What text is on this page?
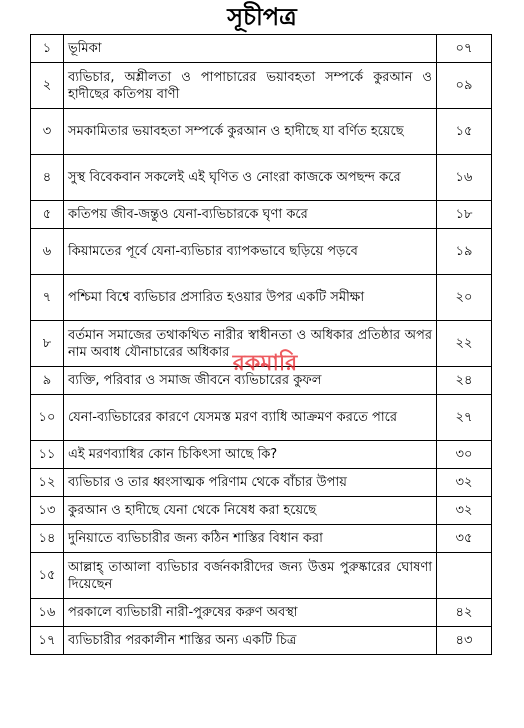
সূচীপত্র
১	ভূমিকা	০৭
২	ব্যভিচার, অশ্লীলতা ও পাপাচারের ভয়াবহতা সম্পর্কে কুরআন ও হাদীছের কতিপয় বাণী	০৯
৩	সমকামিতার ভয়াবহতা সম্পর্কে কুরআন ও হাদীছে যা বর্ণিত হয়েছে	১৫
৪	সুস্থ বিবেকবান সকলেই এই ঘৃণিত ও নোংরা কাজকে অপছন্দ করে	১৬
৫	কতিপয় জীব-জন্তুও যেনা-ব্যভিচারকে ঘৃণা করে	১৮
৬	কিয়ামতের পূর্বে যেনা-ব্যভিচার ব্যাপকভাবে ছড়িয়ে পড়বে	১৯
৭	পশ্চিমা বিশ্বে ব্যভিচার প্রসারিত হওয়ার উপর একটি সমীক্ষা	২০
৮	বর্তমান সমাজের তথাকথিত নারীর স্বাধীনতা ও অধিকার প্রতিষ্ঠার অপর নাম অবাধ যৌনাচারের অধিকার	২২
৯	ব্যক্তি, পরিবার ও সমাজ জীবনে ব্যভিচারের কুফল	২৪
১০	যেনা-ব্যভিচারের কারণে যেসমস্ত মরণ ব্যাধি আক্রমণ করতে পারে	২৭
১১	এই মরণব্যাধির কোন চিকিৎসা আছে কি?	৩০
১২	ব্যভিচার ও তার ধ্বংসাত্মক পরিণাম থেকে বাঁচার উপায়	৩২
১৩	কুরআন ও হাদীছে যেনা থেকে নিষেধ করা হয়েছে	৩২
১৪	দুনিয়াতে ব্যভিচারীর জন্য কঠিন শাস্তির বিধান করা	৩৫
১৫	আল্লাহ্ তাআলা ব্যভিচার বর্জনকারীদের জন্য উত্তম পুরুষ্কারের ঘোষণা দিয়েছেন	
১৬	পরকালে ব্যভিচারী নারী-পুরুষের করুণ অবস্থা	৪২
১৭	ব্যভিচারীর পরকালীন শাস্তির অন্য একটি চিত্র	৪৩
রকমারি
